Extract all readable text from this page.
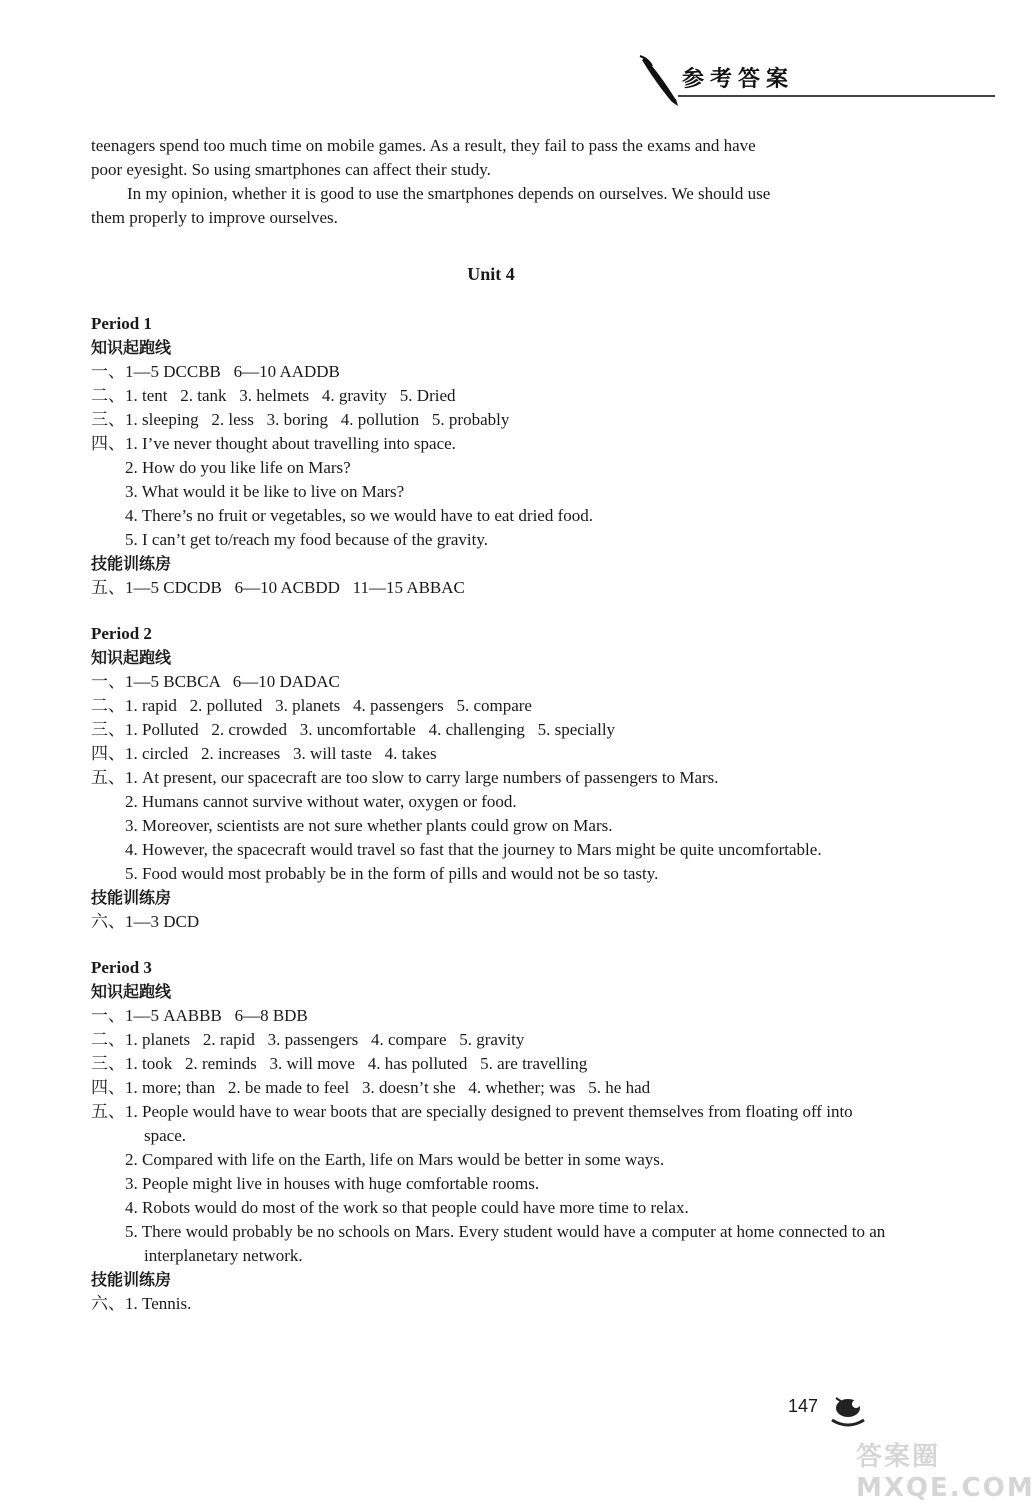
参考答案

teenagers spend too much time on mobile games. As a result, they fail to pass the exams and have
poor eyesight. So using smartphones can affect their study.

In my opinion, whether it is good to use the smartphones depends on ourselves. We should use
them properly to improve ourselves.

Unit 4
Period 1
知识起跑线
一、1—5 DCCBB   6—10 AADDB
二、1. tent   2. tank   3. helmets   4. gravity   5. Dried
三、1. sleeping   2. less   3. boring   4. pollution   5. probably
四、1. I’ve never thought about travelling into space.
2. How do you like life on Mars?
3. What would it be like to live on Mars?
4. There’s no fruit or vegetables, so we would have to eat dried food.
5. I can’t get to/reach my food because of the gravity.
技能训练房
五、1—5 CDCDB   6—10 ACBDD   11—15 ABBAC
Period 2
知识起跑线
一、1—5 BCBCA   6—10 DADAC
二、1. rapid   2. polluted   3. planets   4. passengers   5. compare
三、1. Polluted   2. crowded   3. uncomfortable   4. challenging   5. specially
四、1. circled   2. increases   3. will taste   4. takes
五、1. At present, our spacecraft are too slow to carry large numbers of passengers to Mars.
2. Humans cannot survive without water, oxygen or food.
3. Moreover, scientists are not sure whether plants could grow on Mars.
4. However, the spacecraft would travel so fast that the journey to Mars might be quite uncomfortable.
5. Food would most probably be in the form of pills and would not be so tasty.
技能训练房
六、1—3 DCD
Period 3
知识起跑线
一、1—5 AABBB   6—8 BDB
二、1. planets   2. rapid   3. passengers   4. compare   5. gravity
三、1. took   2. reminds   3. will move   4. has polluted   5. are travelling
四、1. more; than   2. be made to feel   3. doesn’t she   4. whether; was   5. he had
五、1. People would have to wear boots that are specially designed to prevent themselves from floating off into space.
2. Compared with life on the Earth, life on Mars would be better in some ways.
3. People might live in houses with huge comfortable rooms.
4. Robots would do most of the work so that people could have more time to relax.
5. There would probably be no schools on Mars. Every student would have a computer at home connected to an interplanetary network.
技能训练房
六、1. Tennis.
147
答案圈 MXQE.COM
